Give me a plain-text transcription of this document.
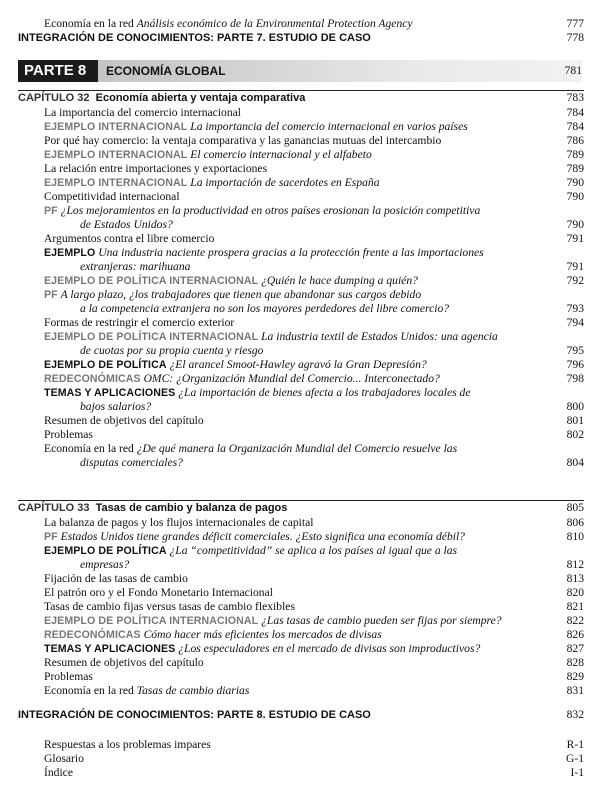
Economía en la red Análisis económico de la Environmental Protection Agency	777
INTEGRACIÓN DE CONOCIMIENTOS: PARTE 7. ESTUDIO DE CASO	778
PARTE 8	ECONOMÍA GLOBAL	781
CAPÍTULO 32 Economía abierta y ventaja comparativa	783
La importancia del comercio internacional	784
EJEMPLO INTERNACIONAL La importancia del comercio internacional en varios países	784
Por qué hay comercio: la ventaja comparativa y las ganancias mutuas del intercambio	786
EJEMPLO INTERNACIONAL El comercio internacional y el alfabeto	789
La relación entre importaciones y exportaciones	789
EJEMPLO INTERNACIONAL La importación de sacerdotes en España	790
Competitividad internacional	790
PF ¿Los mejoramientos en la productividad en otros países erosionan la posición competitiva
de Estados Unidos?	790
Argumentos contra el libre comercio	791
EJEMPLO Una industria naciente prospera gracias a la protección frente a las importaciones
extranjeras: marihuana	791
EJEMPLO DE POLÍTICA INTERNACIONAL ¿Quién le hace dumping a quién?	792
PF A largo plazo, ¿los trabajadores que tienen que abandonar sus cargos debido
a la competencia extranjera no son los mayores perdedores del libre comercio?	793
Formas de restringir el comercio exterior	794
EJEMPLO DE POLÍTICA INTERNACIONAL La industria textil de Estados Unidos: una agencia
de cuotas por su propia cuenta y riesgo	795
EJEMPLO DE POLÍTICA ¿El arancel Smoot-Hawley agravó la Gran Depresión?	796
REDECONÓMICAS OMC: ¿Organización Mundial del Comercio... Interconectado?	798
TEMAS Y APLICACIONES ¿La importación de bienes afecta a los trabajadores locales de
bajos salarios?	800
Resumen de objetivos del capítulo	801
Problemas	802
Economía en la red ¿De qué manera la Organización Mundial del Comercio resuelve las
disputas comerciales?	804
CAPÍTULO 33 Tasas de cambio y balanza de pagos	805
La balanza de pagos y los flujos internacionales de capital	806
PF Estados Unidos tiene grandes déficit comerciales. ¿Esto significa una economía débil?	810
EJEMPLO DE POLÍTICA ¿La “competitividad” se aplica a los países al igual que a las
empresas?	812
Fijación de las tasas de cambio	813
El patrón oro y el Fondo Monetario Internacional	820
Tasas de cambio fijas versus tasas de cambio flexibles	821
EJEMPLO DE POLÍTICA INTERNACIONAL ¿Las tasas de cambio pueden ser fijas por siempre?	822
REDECONÓMICAS Cómo hacer más eficientes los mercados de divisas	826
TEMAS Y APLICACIONES ¿Los especuladores en el mercado de divisas son improductivos?	827
Resumen de objetivos del capítulo	828
Problemas	829
Economía en la red Tasas de cambio diarias	831
INTEGRACIÓN DE CONOCIMIENTOS: PARTE 8. ESTUDIO DE CASO	832
Respuestas a los problemas impares	R-1
Glosario	G-1
Índice	I-1
